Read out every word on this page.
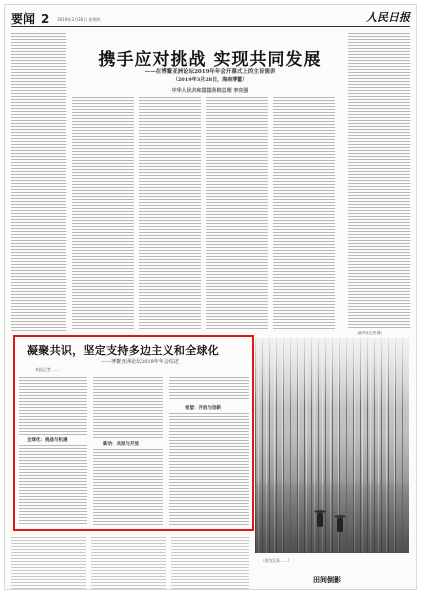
要闻 2 2019年3月28日 星期四	人民日报
携手应对挑战 实现共同发展
——在博鳌亚洲论坛2019年年会开幕式上的主旨演讲
（2019年3月28日，海南博鳌）
中华人民共和国国务院总理 李克强
（新华社记者 摄）
凝聚共识，坚定支持多边主义和全球化
——博鳌亚洲论坛2019年年会综述
本报记者 ……
全球化：挑战与机遇
新动：共担与开放
希望：开放与创新
（图为江苏……）
田间倒影
